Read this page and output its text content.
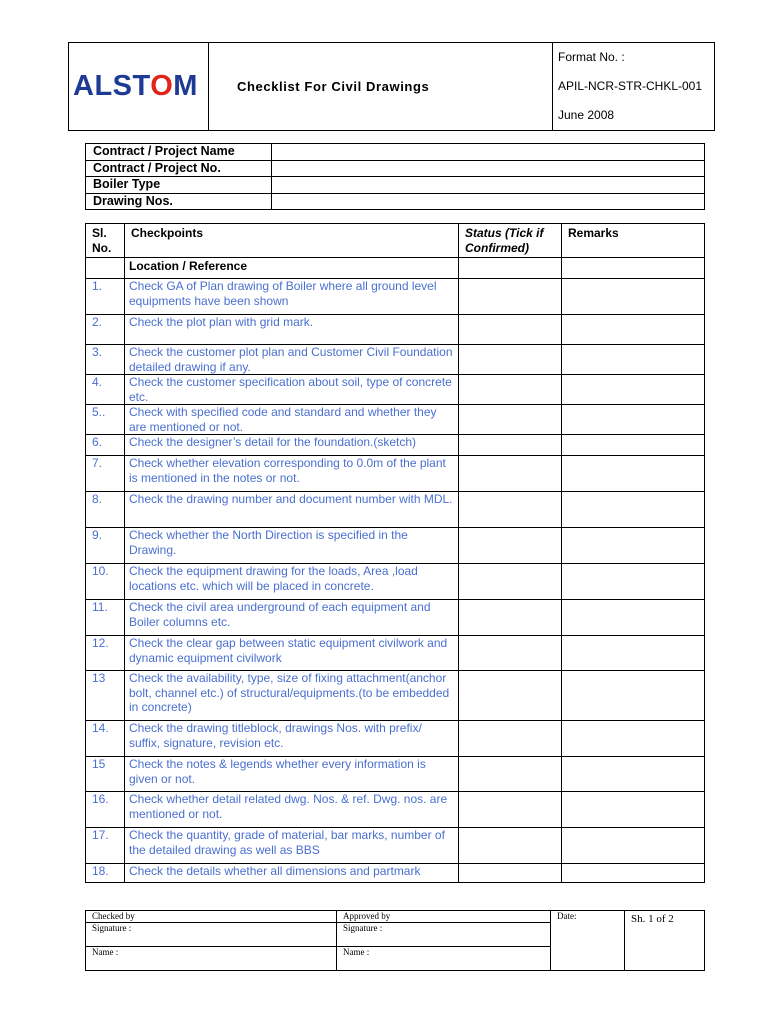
ALSTOM	Checklist For Civil Drawings	
Format No. :
APIL-NCR-STR-CHKL-001
June 2008
Contract / Project Name	
Contract / Project No.	
Boiler Type	
Drawing Nos.	
Sl. No.	Checkpoints	Status (Tick if Confirmed)	Remarks
	Location / Reference		
1.	Check GA of Plan drawing of Boiler where all ground level equipments have been shown		
2.	Check the plot plan with grid mark.		
3.	Check the customer plot plan and Customer Civil Foundation detailed drawing if any.		
4.	Check the customer specification about soil, type of concrete etc.		
5..	Check with specified code and standard and whether they are mentioned or not.		
6.	Check the designer’s detail for the foundation.(sketch)		
7.	Check whether elevation corresponding to 0.0m of the plant is mentioned in the notes or not.		
8.	Check the drawing number and document number with MDL.		
9.	Check whether the North Direction is specified in the Drawing.		
10.	Check the equipment drawing for the loads, Area ,load locations etc. which will be placed in concrete.		
11.	Check the civil area underground of each equipment and Boiler columns etc.		
12.	Check the clear gap between static equipment civilwork and dynamic equipment civilwork		
13	Check the availability, type, size of fixing attachment(anchor bolt, channel etc.) of structural/equipments.(to be embedded in concrete)		
14.	Check the drawing titleblock, drawings Nos. with prefix/ suffix, signature, revision etc.		
15	Check the notes & legends whether every information is given or not.		
16.	Check whether detail related dwg. Nos. & ref. Dwg. nos. are mentioned or not.		
17.	Check the quantity, grade of material, bar marks, number of the detailed drawing as well as BBS		
18.	Check the details whether all dimensions and partmark		
Checked by	Approved by	Date:	Sh. 1 of 2
Signature :	Signature :		
Name :	Name :		
